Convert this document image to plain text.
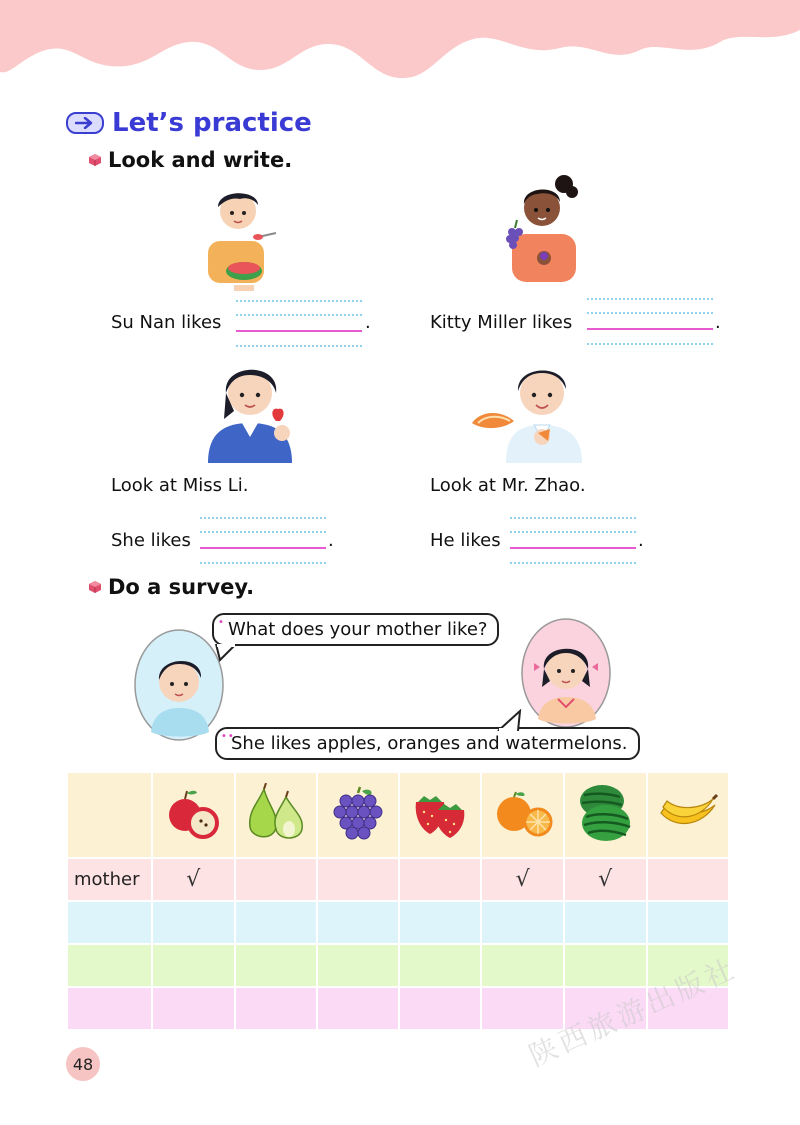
Let’s practice
Look and write.
Su Nan likes	.	Kitty Miller likes	.
Look at Miss Li.	Look at Mr. Zhao.
She likes	.	He likes	.
Do a survey.
• What does your mother like?
••
She likes apples, oranges and watermelons.

mother	√				√	√	

48	陕西旅游出版社
